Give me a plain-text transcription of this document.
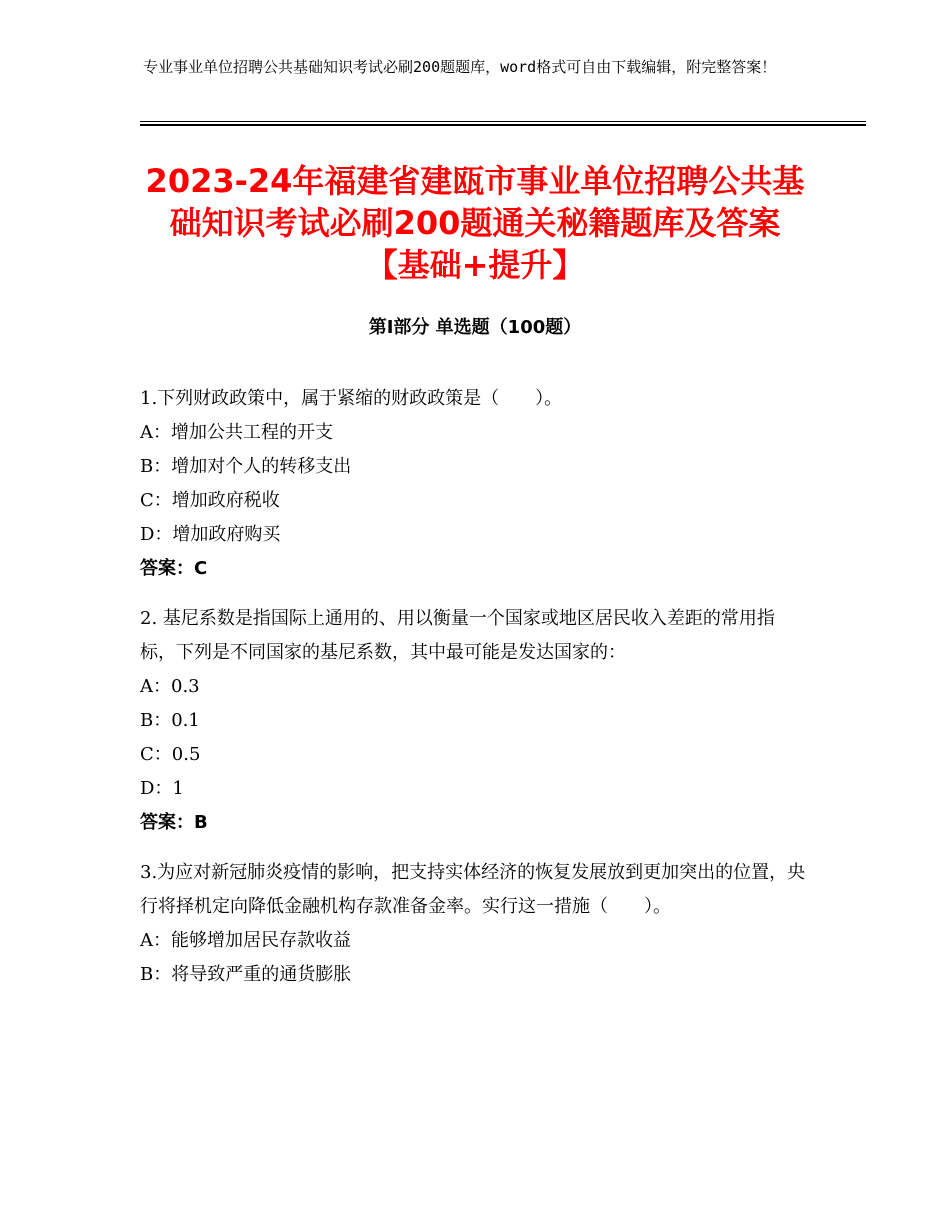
专业事业单位招聘公共基础知识考试必刷200题题库，word格式可自由下载编辑，附完整答案！
2023-24年福建省建瓯市事业单位招聘公共基础知识考试必刷200题通关秘籍题库及答案【基础+提升】
第Ⅰ部分 单选题（100题）
1.下列财政政策中，属于紧缩的财政政策是（　　）。
A：增加公共工程的开支
B：增加对个人的转移支出
C：增加政府税收
D：增加政府购买
答案：C
2. 基尼系数是指国际上通用的、用以衡量一个国家或地区居民收入差距的常用指标，下列是不同国家的基尼系数，其中最可能是发达国家的：
A：0.3
B：0.1
C：0.5
D：1
答案：B
3.为应对新冠肺炎疫情的影响，把支持实体经济的恢复发展放到更加突出的位置，央行将择机定向降低金融机构存款准备金率。实行这一措施（　　）。
A：能够增加居民存款收益
B：将导致严重的通货膨胀
